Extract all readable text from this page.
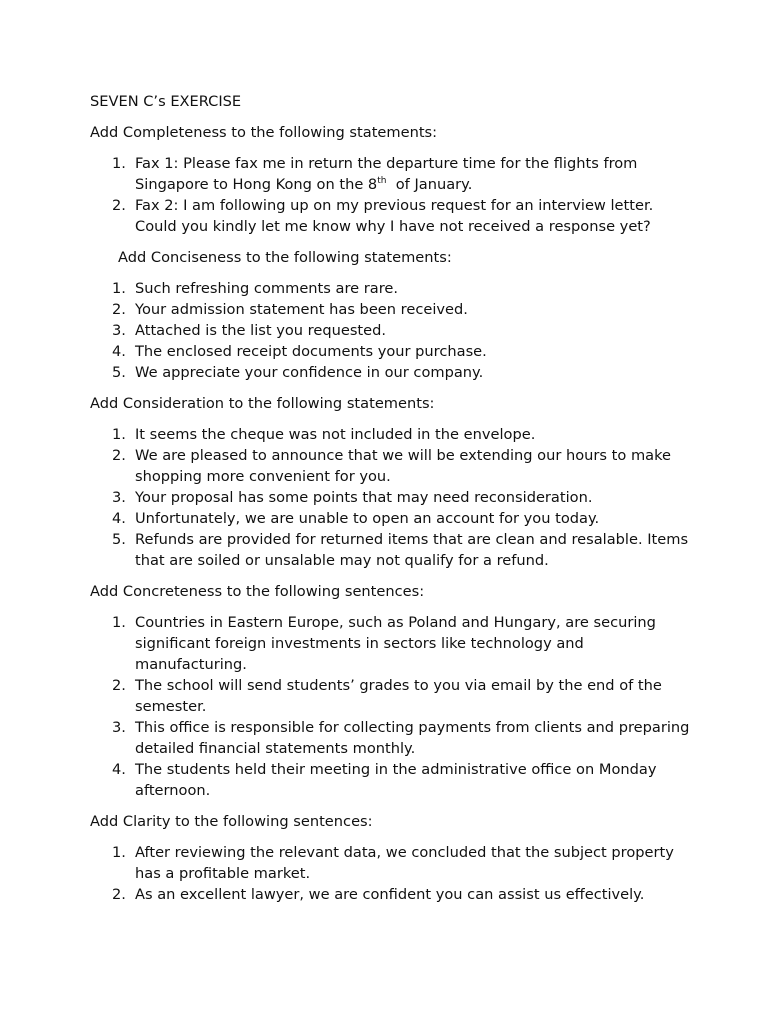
SEVEN C’s EXERCISE
Add Completeness to the following statements:
1. Fax 1: Please fax me in return the departure time for the flights from Singapore to Hong Kong on the 8th  of January.
2. Fax 2: I am following up on my previous request for an interview letter. Could you kindly let me know why I have not received a response yet?
Add Conciseness to the following statements:
1. Such refreshing comments are rare.
2. Your admission statement has been received.
3. Attached is the list you requested.
4. The enclosed receipt documents your purchase.
5. We appreciate your confidence in our company.
Add Consideration to the following statements:
1. It seems the cheque was not included in the envelope.
2. We are pleased to announce that we will be extending our hours to make shopping more convenient for you.
3. Your proposal has some points that may need reconsideration.
4. Unfortunately, we are unable to open an account for you today.
5. Refunds are provided for returned items that are clean and resalable. Items that are soiled or unsalable may not qualify for a refund.
Add Concreteness to the following sentences:
1. Countries in Eastern Europe, such as Poland and Hungary, are securing significant foreign investments in sectors like technology and manufacturing.
2. The school will send students’ grades to you via email by the end of the semester.
3. This office is responsible for collecting payments from clients and preparing detailed financial statements monthly.
4. The students held their meeting in the administrative office on Monday afternoon.
Add Clarity to the following sentences:
1. After reviewing the relevant data, we concluded that the subject property has a profitable market.
2. As an excellent lawyer, we are confident you can assist us effectively.
